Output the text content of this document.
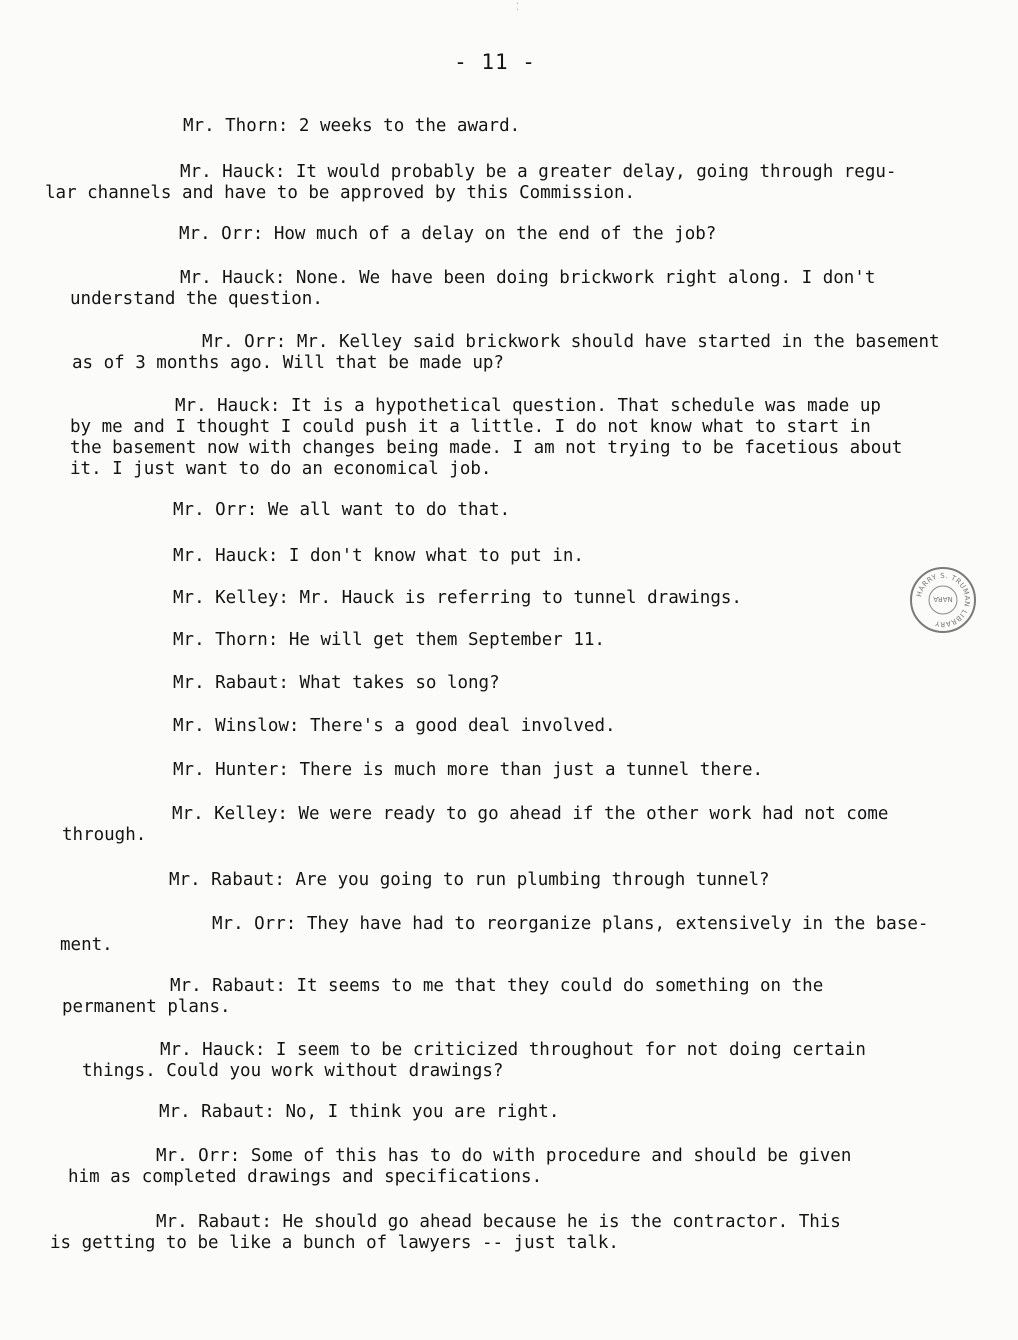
⁚
- 11 -

Mr. Thorn: 2 weeks to the award.

Mr. Hauck: It would probably be a greater delay, going through regu-
lar channels and have to be approved by this Commission.

Mr. Orr: How much of a delay on the end of the job?

Mr. Hauck: None. We have been doing brickwork right along. I don't
understand the question.

Mr. Orr: Mr. Kelley said brickwork should have started in the basement
as of 3 months ago. Will that be made up?

Mr. Hauck: It is a hypothetical question. That schedule was made up
by me and I thought I could push it a little. I do not know what to start in
the basement now with changes being made. I am not trying to be facetious about
it. I just want to do an economical job.

Mr. Orr: We all want to do that.

Mr. Hauck: I don't know what to put in.

Mr. Kelley: Mr. Hauck is referring to tunnel drawings.

Mr. Thorn: He will get them September 11.

Mr. Rabaut: What takes so long?

Mr. Winslow: There's a good deal involved.

Mr. Hunter: There is much more than just a tunnel there.

Mr. Kelley: We were ready to go ahead if the other work had not come
through.

Mr. Rabaut: Are you going to run plumbing through tunnel?

Mr. Orr: They have had to reorganize plans, extensively in the base-
ment.

Mr. Rabaut: It seems to me that they could do something on the
permanent plans.

Mr. Hauck: I seem to be criticized throughout for not doing certain
things. Could you work without drawings?

Mr. Rabaut: No, I think you are right.

Mr. Orr: Some of this has to do with procedure and should be given
him as completed drawings and specifications.

Mr. Rabaut: He should go ahead because he is the contractor. This
is getting to be like a bunch of lawyers -- just talk.

HARRY S. TRUMAN LIBRARY
NARA
